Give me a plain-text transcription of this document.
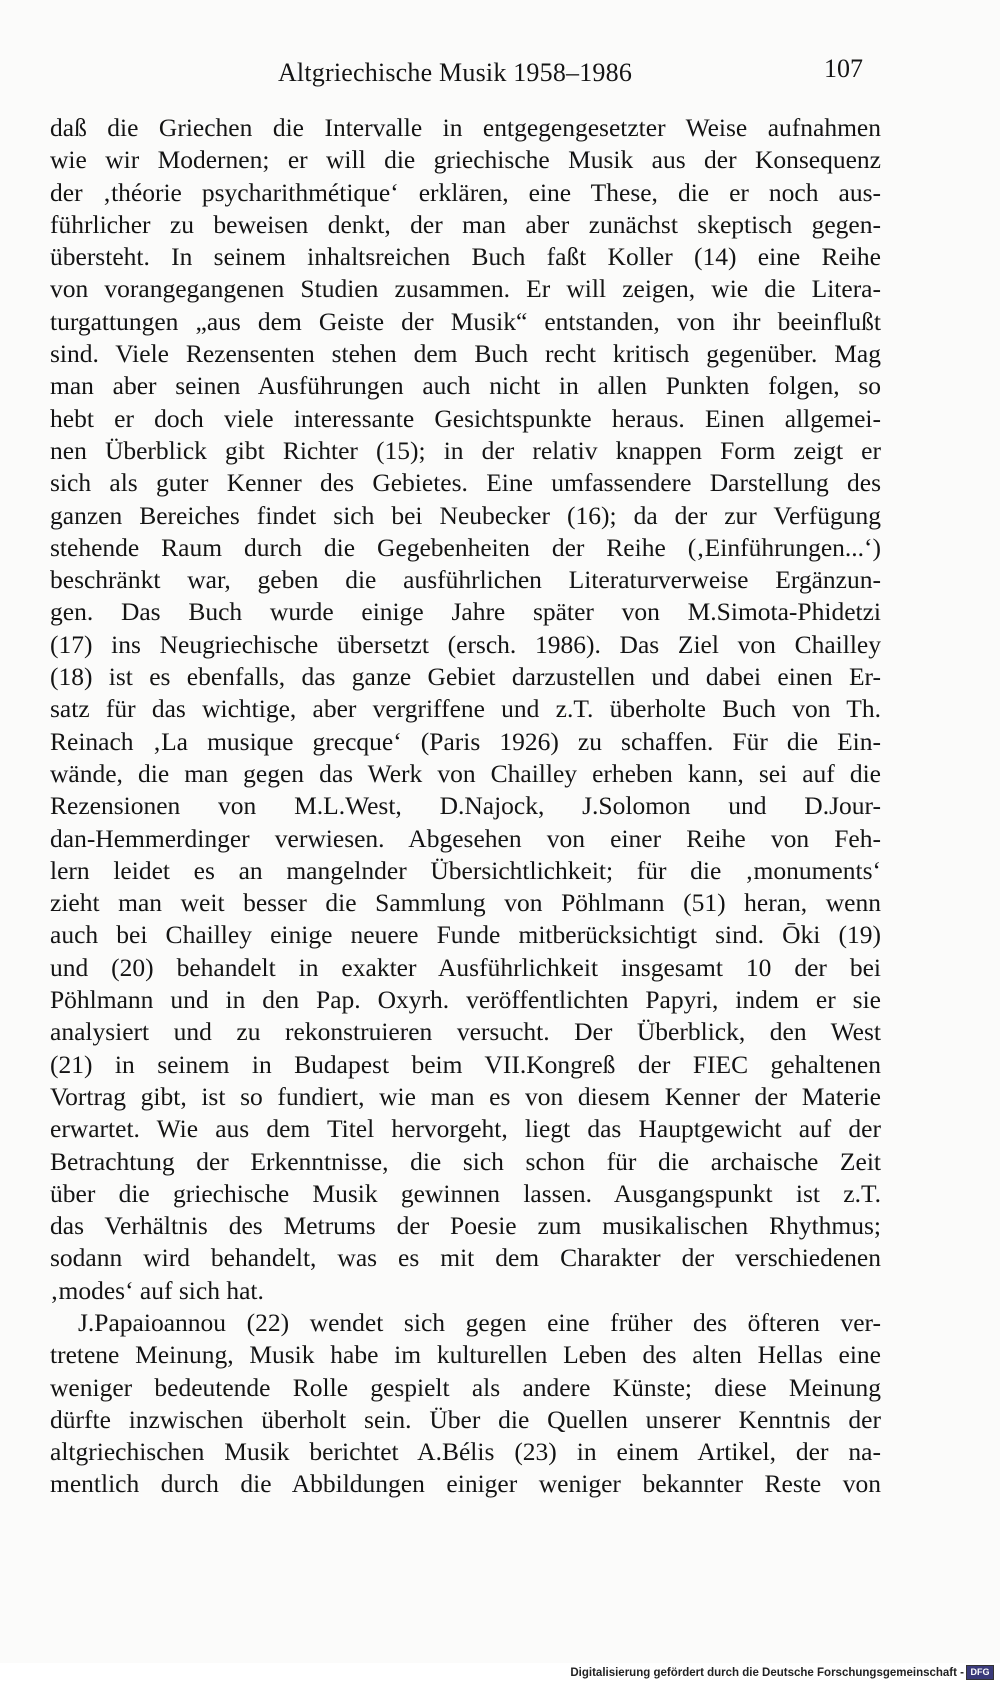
Altgriechische Musik 1958–1986	107
daß die Griechen die Intervalle in entgegengesetzter Weise aufnahmen
wie wir Modernen; er will die griechische Musik aus der Konsequenz
der ‚théorie psycharithmétique‘ erklären, eine These, die er noch aus-
führlicher zu beweisen denkt, der man aber zunächst skeptisch gegen-
übersteht. In seinem inhaltsreichen Buch faßt Koller (14) eine Reihe
von vorangegangenen Studien zusammen. Er will zeigen, wie die Litera-
turgattungen „aus dem Geiste der Musik“ entstanden, von ihr beeinflußt
sind. Viele Rezensenten stehen dem Buch recht kritisch gegenüber. Mag
man aber seinen Ausführungen auch nicht in allen Punkten folgen, so
hebt er doch viele interessante Gesichtspunkte heraus. Einen allgemei-
nen Überblick gibt Richter (15); in der relativ knappen Form zeigt er
sich als guter Kenner des Gebietes. Eine umfassendere Darstellung des
ganzen Bereiches findet sich bei Neubecker (16); da der zur Verfügung
stehende Raum durch die Gegebenheiten der Reihe (‚Einführungen...‘)
beschränkt war, geben die ausführlichen Literaturverweise Ergänzun-
gen. Das Buch wurde einige Jahre später von M.Simota-Phidetzi
(17) ins Neugriechische übersetzt (ersch. 1986). Das Ziel von Chailley
(18) ist es ebenfalls, das ganze Gebiet darzustellen und dabei einen Er-
satz für das wichtige, aber vergriffene und z.T. überholte Buch von Th.
Reinach ‚La musique grecque‘ (Paris 1926) zu schaffen. Für die Ein-
wände, die man gegen das Werk von Chailley erheben kann, sei auf die
Rezensionen von M.L.West, D.Najock, J.Solomon und D.Jour-
dan-Hemmerdinger verwiesen. Abgesehen von einer Reihe von Feh-
lern leidet es an mangelnder Übersichtlichkeit; für die ‚monuments‘
zieht man weit besser die Sammlung von Pöhlmann (51) heran, wenn
auch bei Chailley einige neuere Funde mitberücksichtigt sind. Ōki (19)
und (20) behandelt in exakter Ausführlichkeit insgesamt 10 der bei
Pöhlmann und in den Pap. Oxyrh. veröffentlichten Papyri, indem er sie
analysiert und zu rekonstruieren versucht. Der Überblick, den West
(21) in seinem in Budapest beim VII.Kongreß der FIEC gehaltenen
Vortrag gibt, ist so fundiert, wie man es von diesem Kenner der Materie
erwartet. Wie aus dem Titel hervorgeht, liegt das Hauptgewicht auf der
Betrachtung der Erkenntnisse, die sich schon für die archaische Zeit
über die griechische Musik gewinnen lassen. Ausgangspunkt ist z.T.
das Verhältnis des Metrums der Poesie zum musikalischen Rhythmus;
sodann wird behandelt, was es mit dem Charakter der verschiedenen
‚modes‘ auf sich hat.
J.Papaioannou (22) wendet sich gegen eine früher des öfteren ver-
tretene Meinung, Musik habe im kulturellen Leben des alten Hellas eine
weniger bedeutende Rolle gespielt als andere Künste; diese Meinung
dürfte inzwischen überholt sein. Über die Quellen unserer Kenntnis der
altgriechischen Musik berichtet A.Bélis (23) in einem Artikel, der na-
mentlich durch die Abbildungen einiger weniger bekannter Reste von
Digitalisierung gefördert durch die Deutsche Forschungsgemeinschaft - DFG
